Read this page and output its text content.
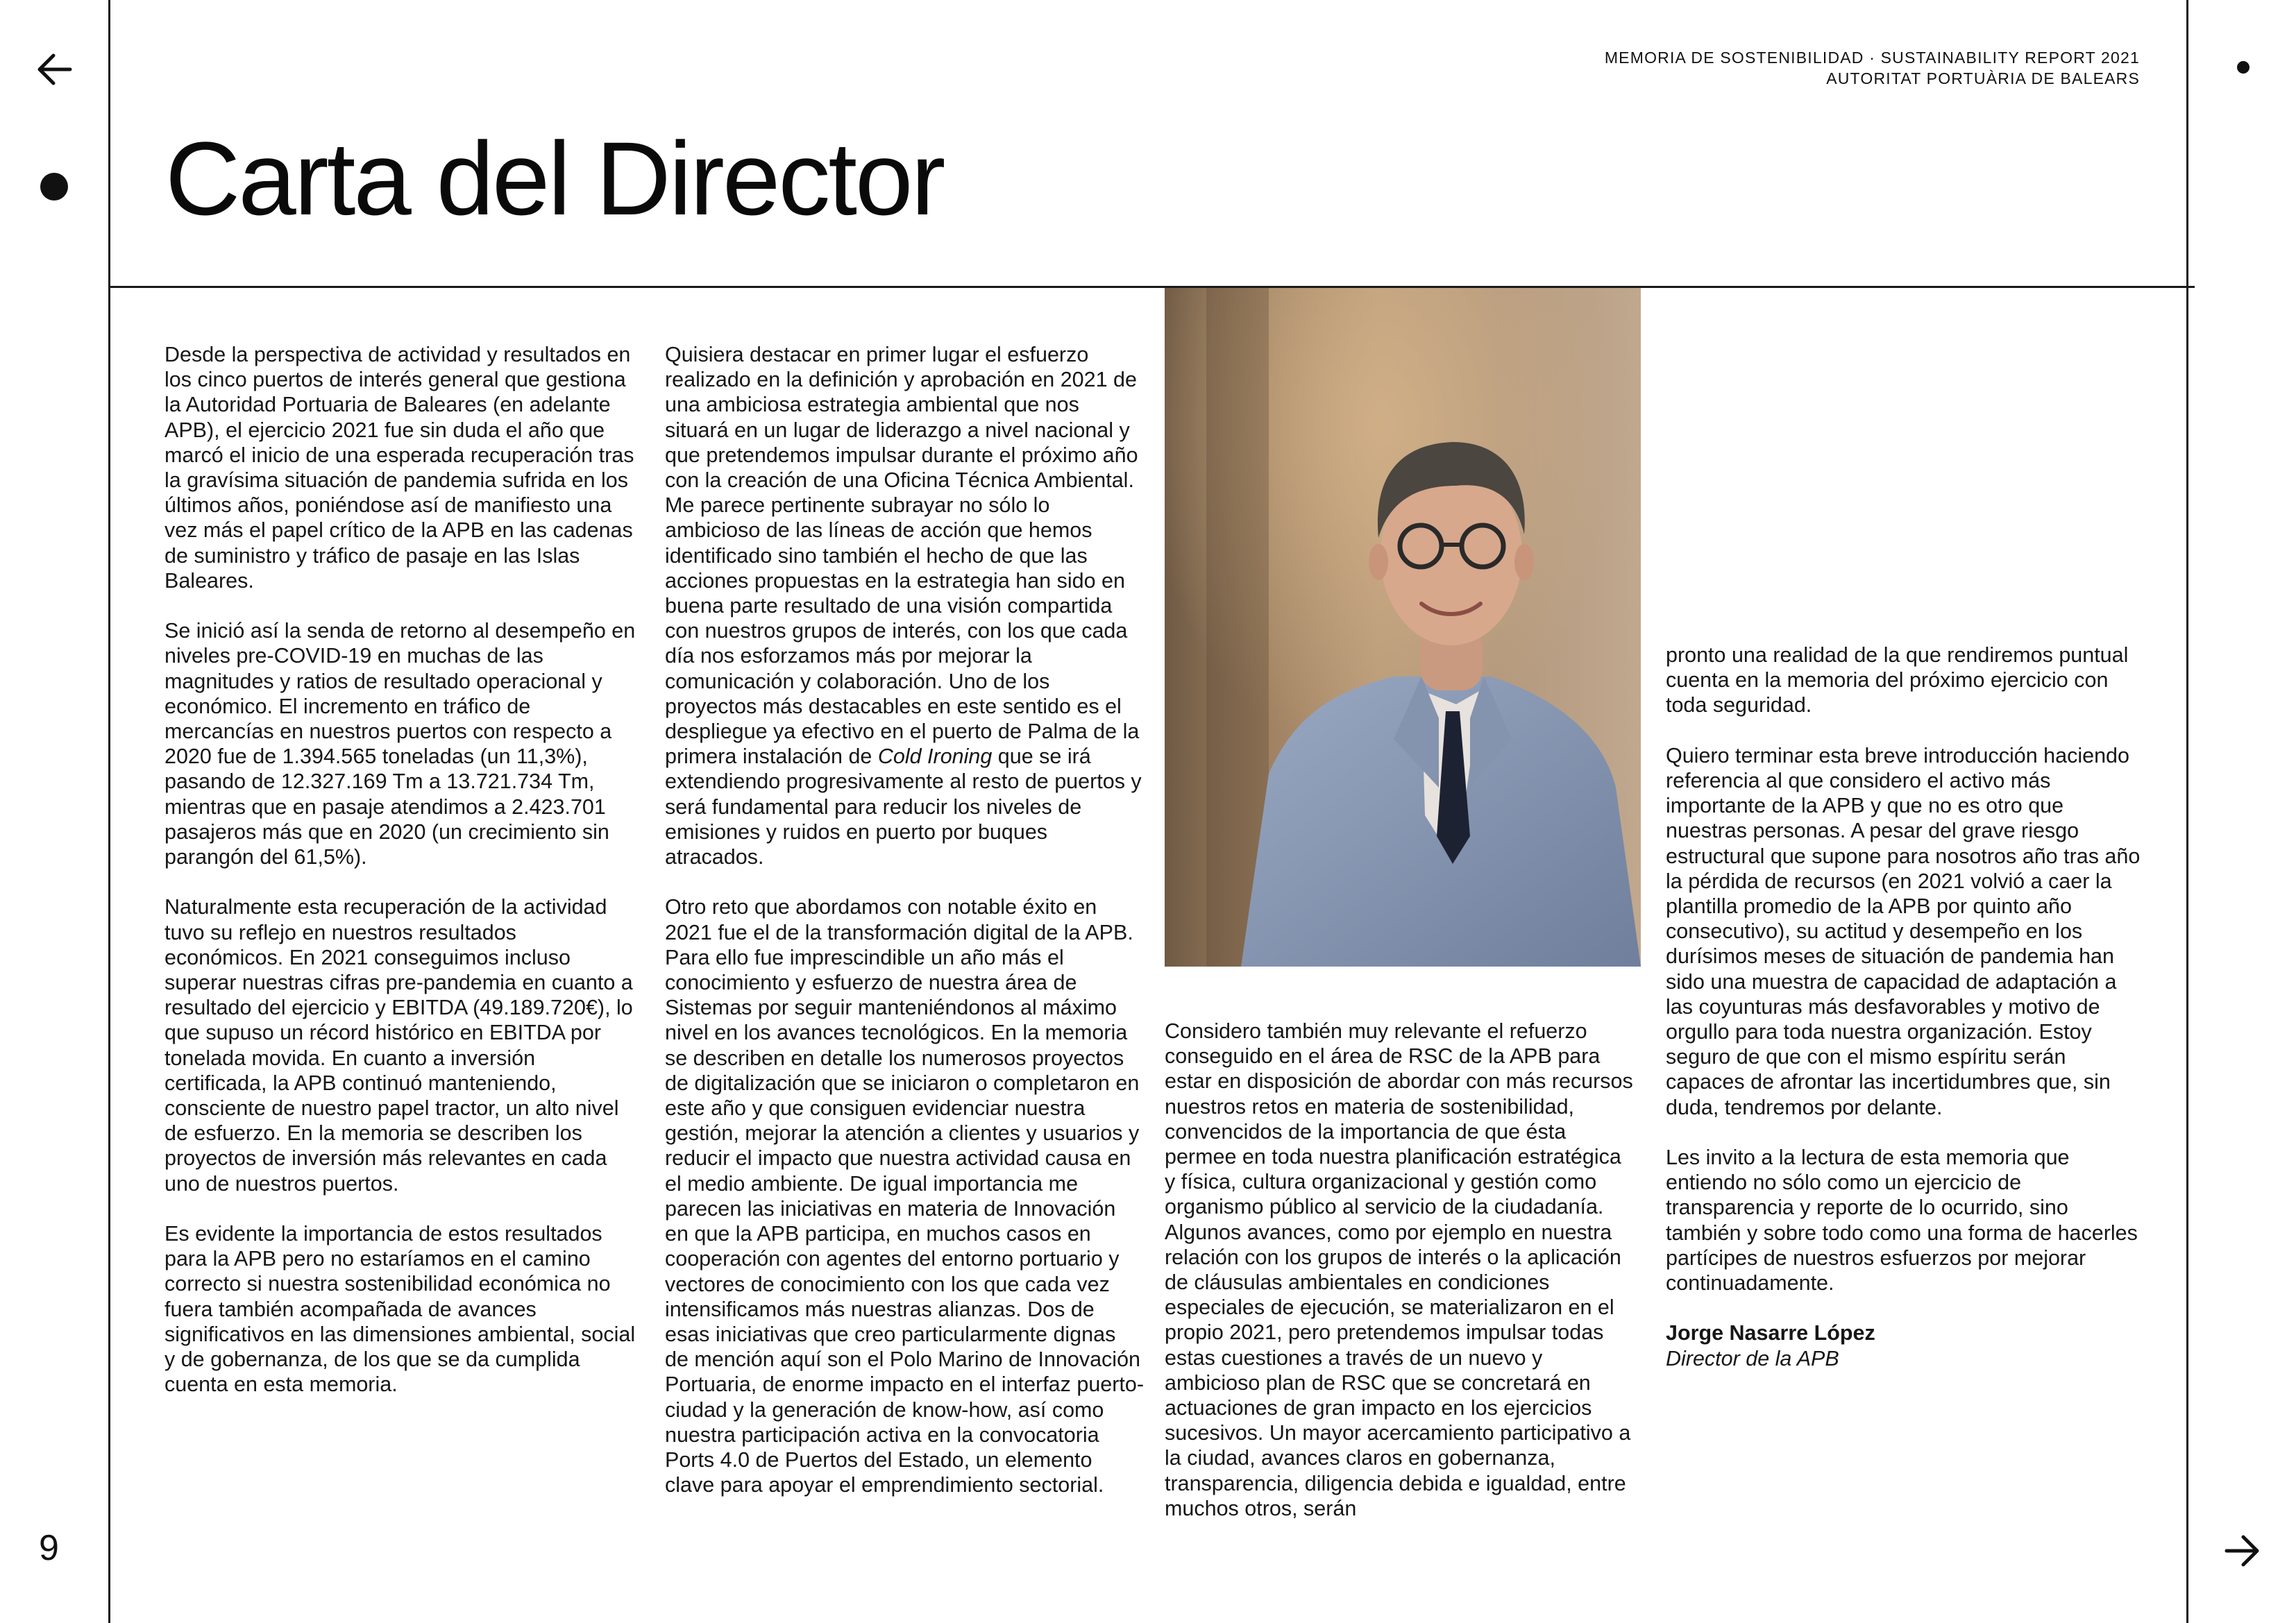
9
MEMORIA DE SOSTENIBILIDAD · SUSTAINABILITY REPORT 2021
AUTORITAT PORTUÀRIA DE BALEARS
Carta del Director

Desde la perspectiva de actividad y resultados en los cinco puertos de interés general que gestiona la Autoridad Portuaria de Baleares (en adelante APB), el ejercicio 2021 fue sin duda el año que marcó el inicio de una esperada recuperación tras la gravísima situación de pandemia sufrida en los últimos años, poniéndose así de manifiesto una vez más el papel crítico de la APB en las cadenas de suministro y tráfico de pasaje en las Islas Baleares.

Se inició así la senda de retorno al desempeño en niveles pre-COVID-19 en muchas de las magnitudes y ratios de resultado operacional y económico. El incremento en tráfico de mercancías en nuestros puertos con respecto a 2020 fue de 1.394.565 toneladas (un 11,3%), pasando de 12.327.169 Tm a 13.721.734 Tm, mientras que en pasaje atendimos a 2.423.701 pasajeros más que en 2020 (un crecimiento sin parangón del 61,5%).

Naturalmente esta recuperación de la actividad tuvo su reflejo en nuestros resultados económicos. En 2021 conseguimos incluso superar nuestras cifras pre-pandemia en cuanto a resultado del ejercicio y EBITDA (49.189.720€), lo que supuso un récord histórico en EBITDA por tonelada movida. En cuanto a inversión certificada, la APB continuó manteniendo, consciente de nuestro papel tractor, un alto nivel de esfuerzo. En la memoria se describen los proyectos de inversión más relevantes en cada uno de nuestros puertos.

Es evidente la importancia de estos resultados para la APB pero no estaríamos en el camino correcto si nuestra sostenibilidad económica no fuera también acompañada de avances significativos en las dimensiones ambiental, social y de gobernanza, de los que se da cumplida cuenta en esta memoria.

Quisiera destacar en primer lugar el esfuerzo realizado en la definición y aprobación en 2021 de una ambiciosa estrategia ambiental que nos situará en un lugar de liderazgo a nivel nacional y que pretendemos impulsar durante el próximo año con la creación de una Oficina Técnica Ambiental. Me parece pertinente subrayar no sólo lo ambicioso de las líneas de acción que hemos identificado sino también el hecho de que las acciones propuestas en la estrategia han sido en buena parte resultado de una visión compartida con nuestros grupos de interés, con los que cada día nos esforzamos más por mejorar la comunicación y colaboración. Uno de los proyectos más destacables en este sentido es el despliegue ya efectivo en el puerto de Palma de la primera instalación de Cold Ironing que se irá extendiendo progresivamente al resto de puertos y será fundamental para reducir los niveles de emisiones y ruidos en puerto por buques atracados.

Otro reto que abordamos con notable éxito en 2021 fue el de la transformación digital de la APB. Para ello fue imprescindible un año más el conocimiento y esfuerzo de nuestra área de Sistemas por seguir manteniéndonos al máximo nivel en los avances tecnológicos. En la memoria se describen en detalle los numerosos proyectos de digitalización que se iniciaron o completaron en este año y que consiguen evidenciar nuestra gestión, mejorar la atención a clientes y usuarios y reducir el impacto que nuestra actividad causa en el medio ambiente. De igual importancia me parecen las iniciativas en materia de Innovación en que la APB participa, en muchos casos en cooperación con agentes del entorno portuario y vectores de conocimiento con los que cada vez intensificamos más nuestras alianzas. Dos de esas iniciativas que creo particularmente dignas de mención aquí son el Polo Marino de Innovación Portuaria, de enorme impacto en el interfaz puerto-ciudad y la generación de know-how, así como nuestra participación activa en la convocatoria Ports 4.0 de Puertos del Estado, un elemento clave para apoyar el emprendimiento sectorial.

Considero también muy relevante el refuerzo conseguido en el área de RSC de la APB para estar en disposición de abordar con más recursos nuestros retos en materia de sostenibilidad, convencidos de la importancia de que ésta permee en toda nuestra planificación estratégica y física, cultura organizacional y gestión como organismo público al servicio de la ciudadanía. Algunos avances, como por ejemplo en nuestra relación con los grupos de interés o la aplicación de cláusulas ambientales en condiciones especiales de ejecución, se materializaron en el propio 2021, pero pretendemos impulsar todas estas cuestiones a través de un nuevo y ambicioso plan de RSC que se concretará en actuaciones de gran impacto en los ejercicios sucesivos. Un mayor acercamiento participativo a la ciudad, avances claros en gobernanza, transparencia, diligencia debida e igualdad, entre muchos otros, serán

pronto una realidad de la que rendiremos puntual cuenta en la memoria del próximo ejercicio con toda seguridad.

Quiero terminar esta breve introducción haciendo referencia al que considero el activo más importante de la APB y que no es otro que nuestras personas. A pesar del grave riesgo estructural que supone para nosotros año tras año la pérdida de recursos (en 2021 volvió a caer la plantilla promedio de la APB por quinto año consecutivo), su actitud y desempeño en los durísimos meses de situación de pandemia han sido una muestra de capacidad de adaptación a las coyunturas más desfavorables y motivo de orgullo para toda nuestra organización. Estoy seguro de que con el mismo espíritu serán capaces de afrontar las incertidumbres que, sin duda, tendremos por delante.

Les invito a la lectura de esta memoria que entiendo no sólo como un ejercicio de transparencia y reporte de lo ocurrido, sino también y sobre todo como una forma de hacerles partícipes de nuestros esfuerzos por mejorar continuadamente.

Jorge Nasarre López
Director de la APB
